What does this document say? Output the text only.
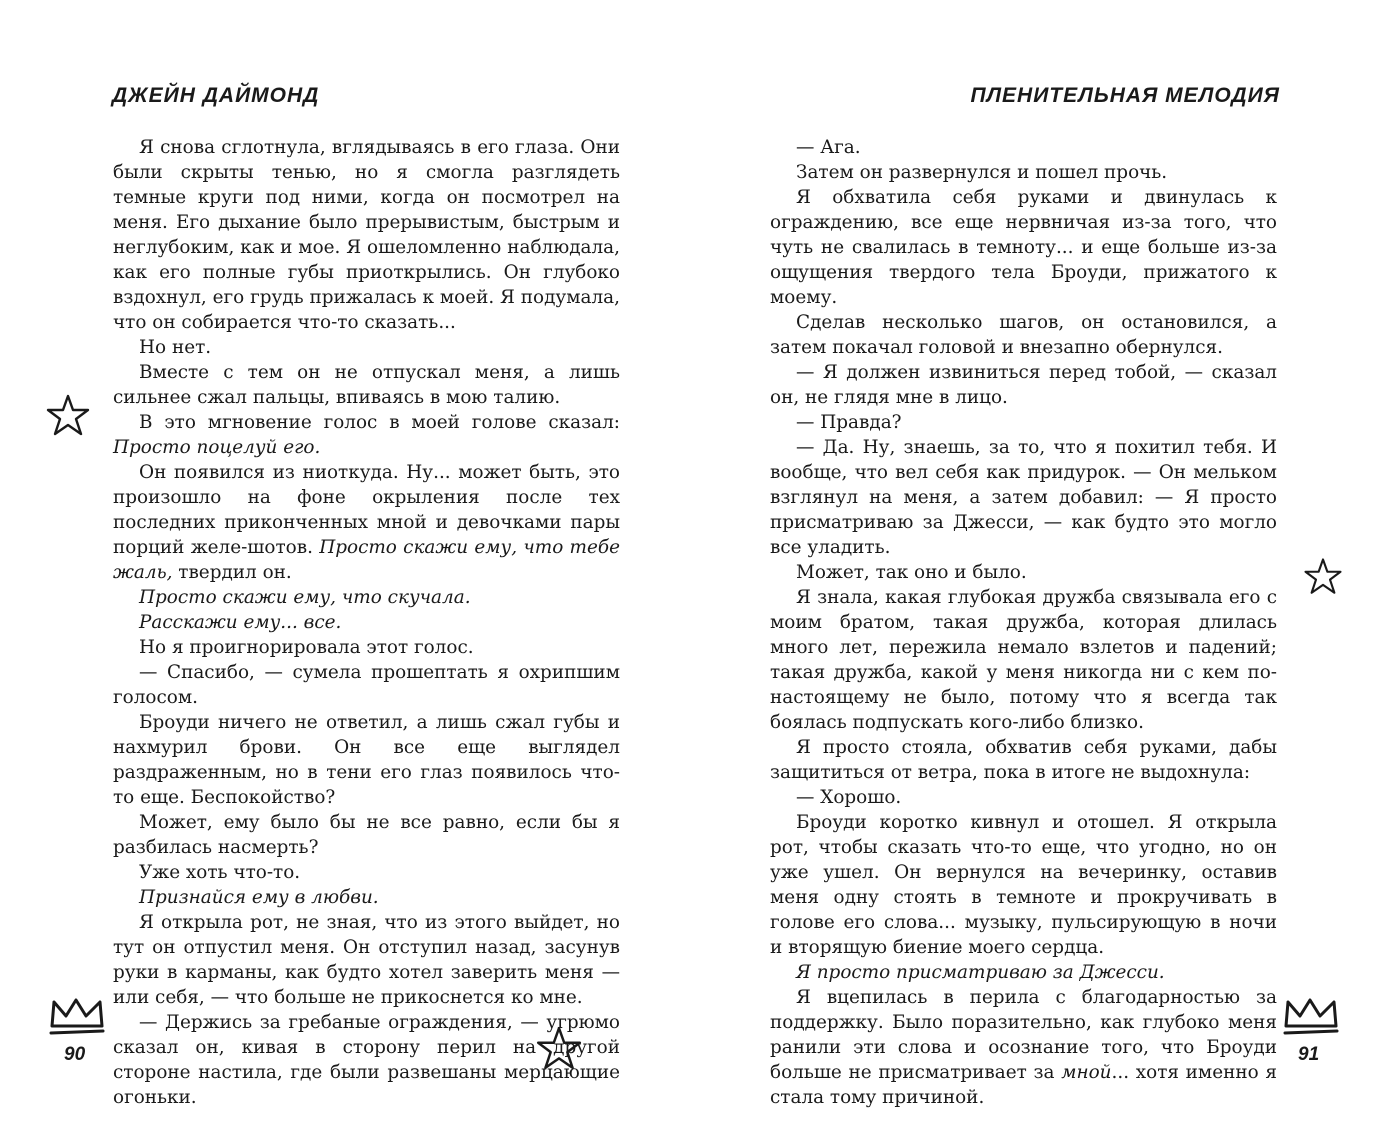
ДЖЕЙН ДАЙМОНД

Я снова сглотнула, вглядываясь в его глаза. Они были скрыты тенью, но я смогла разглядеть темные круги под ними, когда он посмотрел на меня. Его дыхание было прерывистым, быстрым и неглубоким, как и мое. Я ошеломленно наблюдала, как его полные губы приоткрылись. Он глубоко вздохнул, его грудь прижалась к моей. Я подумала, что он собирается что-то сказать...

Но нет.

Вместе с тем он не отпускал меня, а лишь сильнее сжал пальцы, впиваясь в мою талию.

В это мгновение голос в моей голове сказал: Просто поцелуй его.

Он появился из ниоткуда. Ну... может быть, это произошло на фоне окрыления после тех последних приконченных мной и девочками пары порций желе-шотов. Просто скажи ему, что тебе жаль, твердил он.

Просто скажи ему, что скучала.

Расскажи ему... все.

Но я проигнорировала этот голос.

— Спасибо, — сумела прошептать я охрипшим голосом.

Броуди ничего не ответил, а лишь сжал губы и нахмурил брови. Он все еще выглядел раздраженным, но в тени его глаз появилось что-то еще. Беспокойство?

Может, ему было бы не все равно, если бы я разбилась насмерть?

Уже хоть что-то.

Признайся ему в любви.

Я открыла рот, не зная, что из этого выйдет, но тут он отпустил меня. Он отступил назад, засунув руки в карманы, как будто хотел заверить меня — или себя, — что больше не прикоснется ко мне.

— Держись за гребаные ограждения, — угрюмо сказал он, кивая в сторону перил на другой стороне настила, где были развешаны мерцающие огоньки.

90
ПЛЕНИТЕЛЬНАЯ МЕЛОДИЯ

— Ага.

Затем он развернулся и пошел прочь.

Я обхватила себя руками и двинулась к ограждению, все еще нервничая из-за того, что чуть не свалилась в темноту... и еще больше из-за ощущения твердого тела Броуди, прижатого к моему.

Сделав несколько шагов, он остановился, а затем покачал головой и внезапно обернулся.

— Я должен извиниться перед тобой, — сказал он, не глядя мне в лицо.

— Правда?

— Да. Ну, знаешь, за то, что я похитил тебя. И вообще, что вел себя как придурок. — Он мельком взглянул на меня, а затем добавил: — Я просто присматриваю за Джесси, — как будто это могло все уладить.

Может, так оно и было.

Я знала, какая глубокая дружба связывала его с моим братом, такая дружба, которая длилась много лет, пережила немало взлетов и падений; такая дружба, какой у меня никогда ни с кем по-настоящему не было, потому что я всегда так боялась подпускать кого-либо близко.

Я просто стояла, обхватив себя руками, дабы защититься от ветра, пока в итоге не выдохнула:

— Хорошо.

Броуди коротко кивнул и отошел. Я открыла рот, чтобы сказать что-то еще, что угодно, но он уже ушел. Он вернулся на вечеринку, оставив меня одну стоять в темноте и прокручивать в голове его слова... музыку, пульсирующую в ночи и вторящую биение моего сердца.

Я просто присматриваю за Джесси.

Я вцепилась в перила с благодарностью за поддержку. Было поразительно, как глубоко меня ранили эти слова и осознание того, что Броуди больше не присматривает за мной... хотя именно я стала тому причиной.

91
